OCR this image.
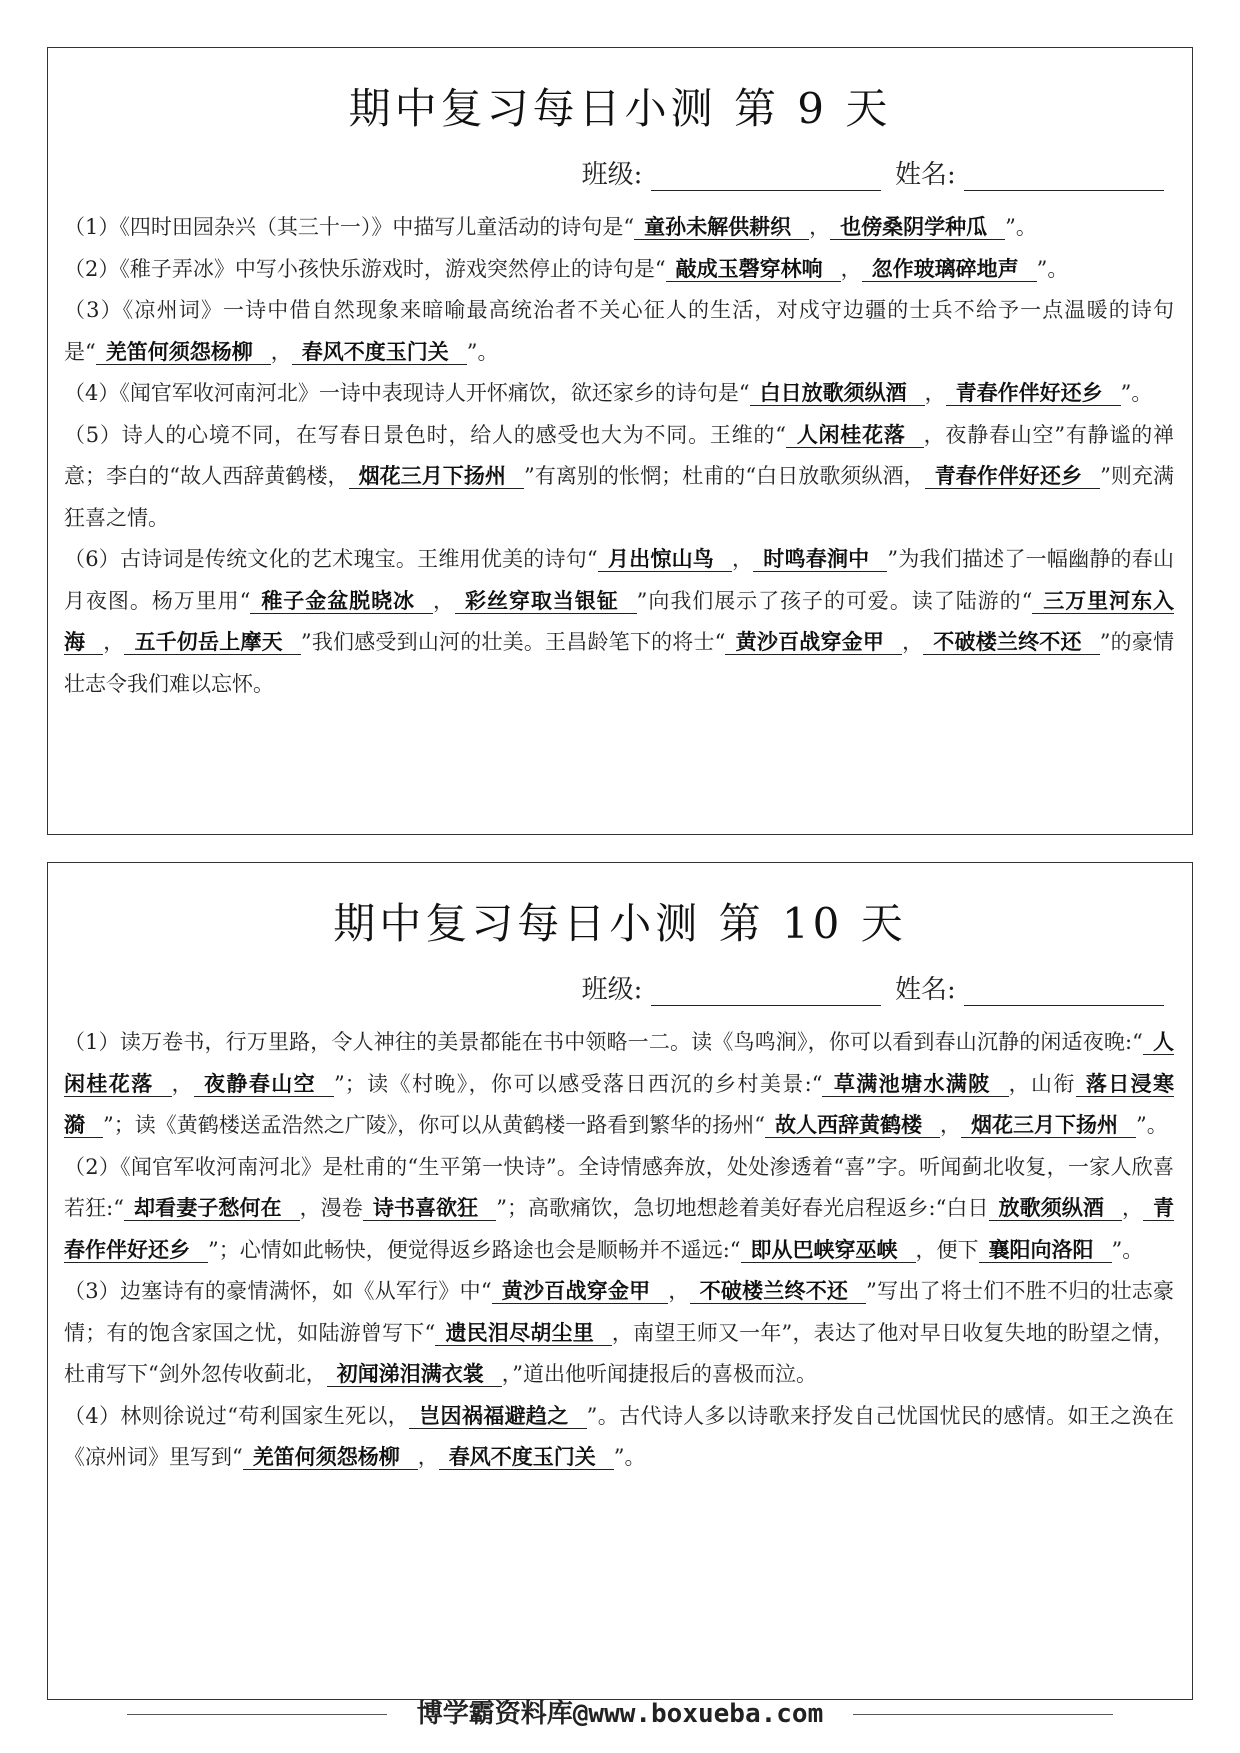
期中复习每日小测 第 9 天
班级:	姓名:

（1）《四时田园杂兴（其三十一）》中描写儿童活动的诗句是“ 童孙未解供耕织 ， 也傍桑阴学种瓜 ”。

（2）《稚子弄冰》中写小孩快乐游戏时，游戏突然停止的诗句是“ 敲成玉磬穿林响 ， 忽作玻璃碎地声 ”。

（3）《凉州词》一诗中借自然现象来暗喻最高统治者不关心征人的生活，对戍守边疆的士兵不给予一点温暖的诗句是“ 羌笛何须怨杨柳 ， 春风不度玉门关 ”。

（4）《闻官军收河南河北》一诗中表现诗人开怀痛饮，欲还家乡的诗句是“ 白日放歌须纵酒 ， 青春作伴好还乡 ”。

（5）诗人的心境不同，在写春日景色时，给人的感受也大为不同。王维的“ 人闲桂花落 ，夜静春山空”有静谧的禅意；李白的“故人西辞黄鹤楼， 烟花三月下扬州 ”有离别的怅惘；杜甫的“白日放歌须纵酒， 青春作伴好还乡 ”则充满狂喜之情。

（6）古诗词是传统文化的艺术瑰宝。王维用优美的诗句“ 月出惊山鸟 ， 时鸣春涧中 ”为我们描述了一幅幽静的春山月夜图。杨万里用“ 稚子金盆脱晓冰 ， 彩丝穿取当银钲 ”向我们展示了孩子的可爱。读了陆游的“ 三万里河东入海 ， 五千仞岳上摩天 ”我们感受到山河的壮美。王昌龄笔下的将士“ 黄沙百战穿金甲 ， 不破楼兰终不还 ”的豪情壮志令我们难以忘怀。

期中复习每日小测 第 10 天
班级:	姓名:

（1）读万卷书，行万里路，令人神往的美景都能在书中领略一二。读《鸟鸣涧》，你可以看到春山沉静的闲适夜晚:“ 人闲桂花落 ， 夜静春山空 ”；读《村晚》，你可以感受落日西沉的乡村美景:“ 草满池塘水满陂 ，山衔 落日浸寒漪 ”；读《黄鹤楼送孟浩然之广陵》，你可以从黄鹤楼一路看到繁华的扬州“ 故人西辞黄鹤楼 ， 烟花三月下扬州 ”。

（2）《闻官军收河南河北》是杜甫的“生平第一快诗”。全诗情感奔放，处处渗透着“喜”字。听闻蓟北收复，一家人欣喜若狂:“ 却看妻子愁何在 ，漫卷 诗书喜欲狂 ”；高歌痛饮，急切地想趁着美好春光启程返乡:“白日 放歌须纵酒 ， 青春作伴好还乡 ”；心情如此畅快，便觉得返乡路途也会是顺畅并不遥远:“ 即从巴峡穿巫峡 ，便下 襄阳向洛阳 ”。

（3）边塞诗有的豪情满怀，如《从军行》中“ 黄沙百战穿金甲 ， 不破楼兰终不还 ”写出了将士们不胜不归的壮志豪情；有的饱含家国之忧，如陆游曾写下“ 遗民泪尽胡尘里 ，南望王师又一年”，表达了他对早日收复失地的盼望之情，杜甫写下“剑外忽传收蓟北， 初闻涕泪满衣裳 ，”道出他听闻捷报后的喜极而泣。

（4）林则徐说过“苟利国家生死以， 岂因祸福避趋之 ”。古代诗人多以诗歌来抒发自己忧国忧民的感情。如王之涣在《凉州词》里写到“ 羌笛何须怨杨柳 ， 春风不度玉门关 ”。

博学霸资料库@www.boxueba.com
